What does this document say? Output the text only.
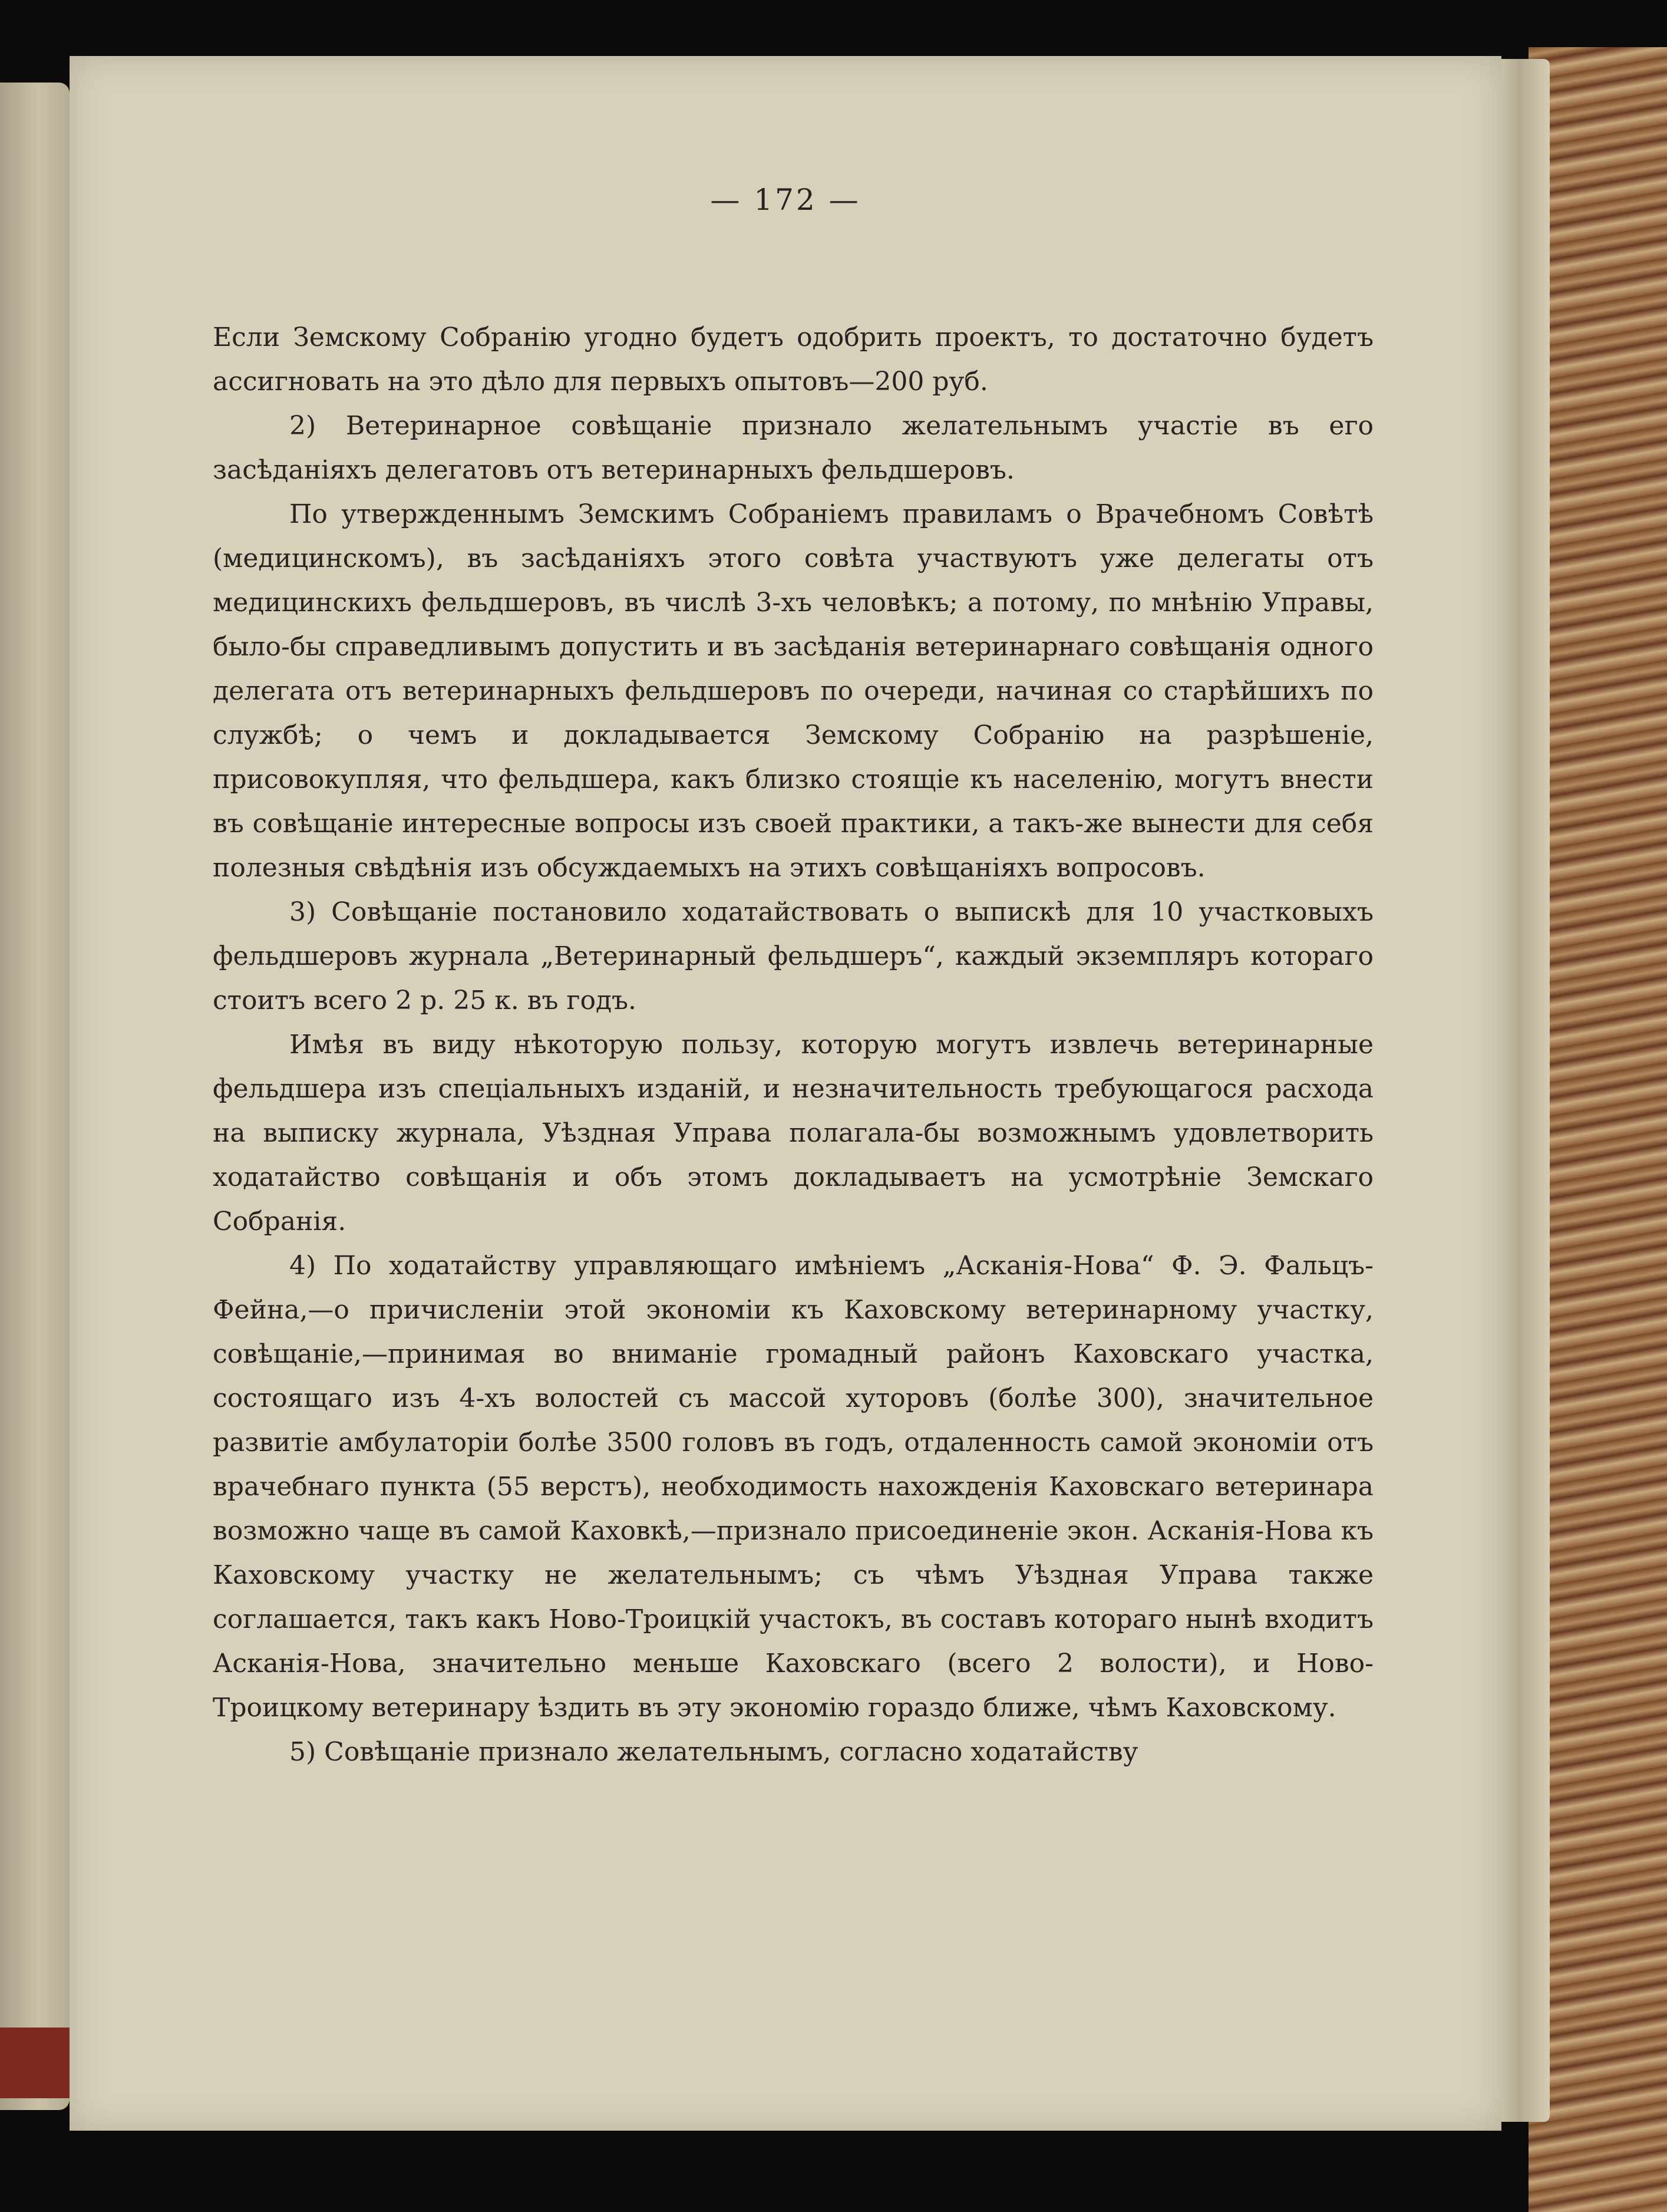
— 172 —

Если Земскому Собранію угодно будетъ одобрить проектъ, то достаточно будетъ ассигновать на это дѣло для первыхъ опытовъ—200 руб.

2) Ветеринарное совѣщаніе признало желательнымъ участіе въ его засѣданіяхъ делегатовъ отъ ветеринарныхъ фельдшеровъ.

По утвержденнымъ Земскимъ Собраніемъ правиламъ о Врачебномъ Совѣтѣ (медицинскомъ), въ засѣданіяхъ этого совѣта участвуютъ уже делегаты отъ медицинскихъ фельдшеровъ, въ числѣ 3-хъ человѣкъ; а потому, по мнѣнію Управы, было-бы справедливымъ допустить и въ засѣданія ветеринарнаго совѣщанія одного делегата отъ ветеринарныхъ фельдшеровъ по очереди, начиная со старѣйшихъ по службѣ; о чемъ и докладывается Земскому Собранію на разрѣшеніе, присовокупляя, что фельдшера, какъ близко стоящіе къ населенію, могутъ внести въ совѣщаніе интересные вопросы изъ своей практики, а такъ-же вынести для себя полезныя свѣдѣнія изъ обсуждаемыхъ на этихъ совѣщаніяхъ вопросовъ.

3) Совѣщаніе постановило ходатайствовать о выпискѣ для 10 участковыхъ фельдшеровъ журнала „Ветеринарный фельдшеръ“, каждый экземпляръ котораго стоитъ всего 2 р. 25 к. въ годъ.

Имѣя въ виду нѣкоторую пользу, которую могутъ извлечь ветеринарные фельдшера изъ спеціальныхъ изданій, и незначительность требующагося расхода на выписку журнала, Уѣздная Управа полагала-бы возможнымъ удовлетворить ходатайство совѣщанія и объ этомъ докладываетъ на усмотрѣніе Земскаго Собранія.

4) По ходатайству управляющаго имѣніемъ „Асканія-Нова“ Ф. Э. Фальцъ-Фейна,—о причисленіи этой экономіи къ Каховскому ветеринарному участку, совѣщаніе,—принимая во вниманіе громадный районъ Каховскаго участка, состоящаго изъ 4-хъ волостей съ массой хуторовъ (болѣе 300), значительное развитіе амбулаторіи болѣе 3500 головъ въ годъ, отдаленность самой экономіи отъ врачебнаго пункта (55 верстъ), необходимость нахожденія Каховскаго ветеринара возможно чаще въ самой Каховкѣ,—признало присоединеніе экон. Асканія-Нова къ Каховскому участку не желательнымъ; съ чѣмъ Уѣздная Управа также соглашается, такъ какъ Ново-Троицкій участокъ, въ составъ котораго нынѣ входитъ Асканія-Нова, значительно меньше Каховскаго (всего 2 волости), и Ново-Троицкому ветеринару ѣздить въ эту экономію гораздо ближе, чѣмъ Каховскому.

5) Совѣщаніе признало желательнымъ, согласно ходатайству
